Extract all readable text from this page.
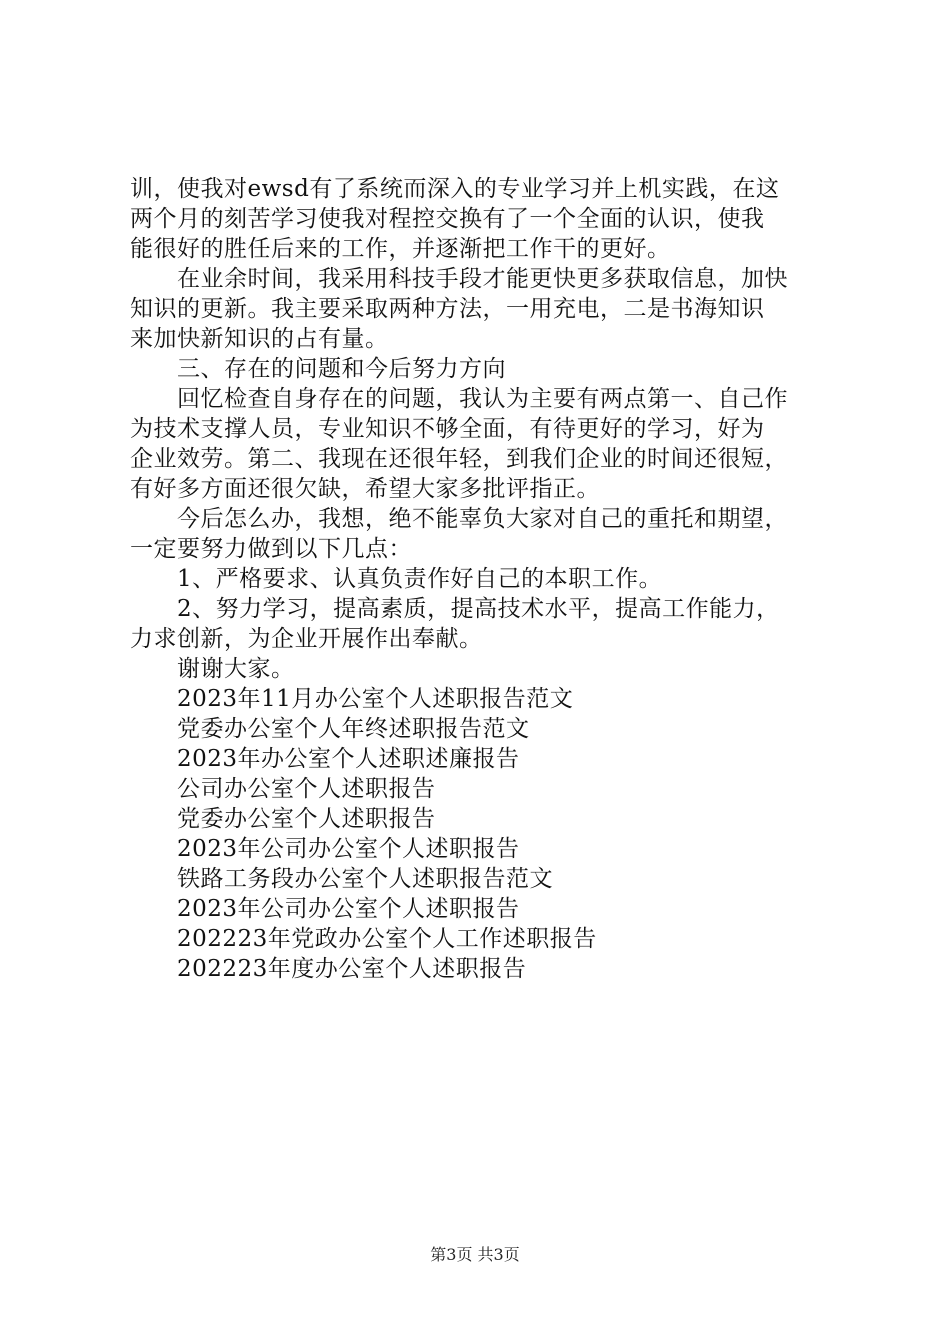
训，使我对ewsd有了系统而深入的专业学习并上机实践，在这
两个月的刻苦学习使我对程控交换有了一个全面的认识，使我
能很好的胜任后来的工作，并逐渐把工作干的更好。
在业余时间，我采用科技手段才能更快更多获取信息，加快
知识的更新。我主要采取两种方法，一用充电，二是书海知识
来加快新知识的占有量。
三、存在的问题和今后努力方向
回忆检查自身存在的问题，我认为主要有两点第一、自己作
为技术支撑人员，专业知识不够全面，有待更好的学习，好为
企业效劳。第二、我现在还很年轻，到我们企业的时间还很短，
有好多方面还很欠缺，希望大家多批评指正。
今后怎么办，我想，绝不能辜负大家对自己的重托和期望，
一定要努力做到以下几点：
1、严格要求、认真负责作好自己的本职工作。
2、努力学习，提高素质，提高技术水平，提高工作能力，
力求创新，为企业开展作出奉献。
谢谢大家。
2023年11月办公室个人述职报告范文
党委办公室个人年终述职报告范文
2023年办公室个人述职述廉报告
公司办公室个人述职报告
党委办公室个人述职报告
2023年公司办公室个人述职报告
铁路工务段办公室个人述职报告范文
2023年公司办公室个人述职报告
202223年党政办公室个人工作述职报告
202223年度办公室个人述职报告
第3页 共3页
